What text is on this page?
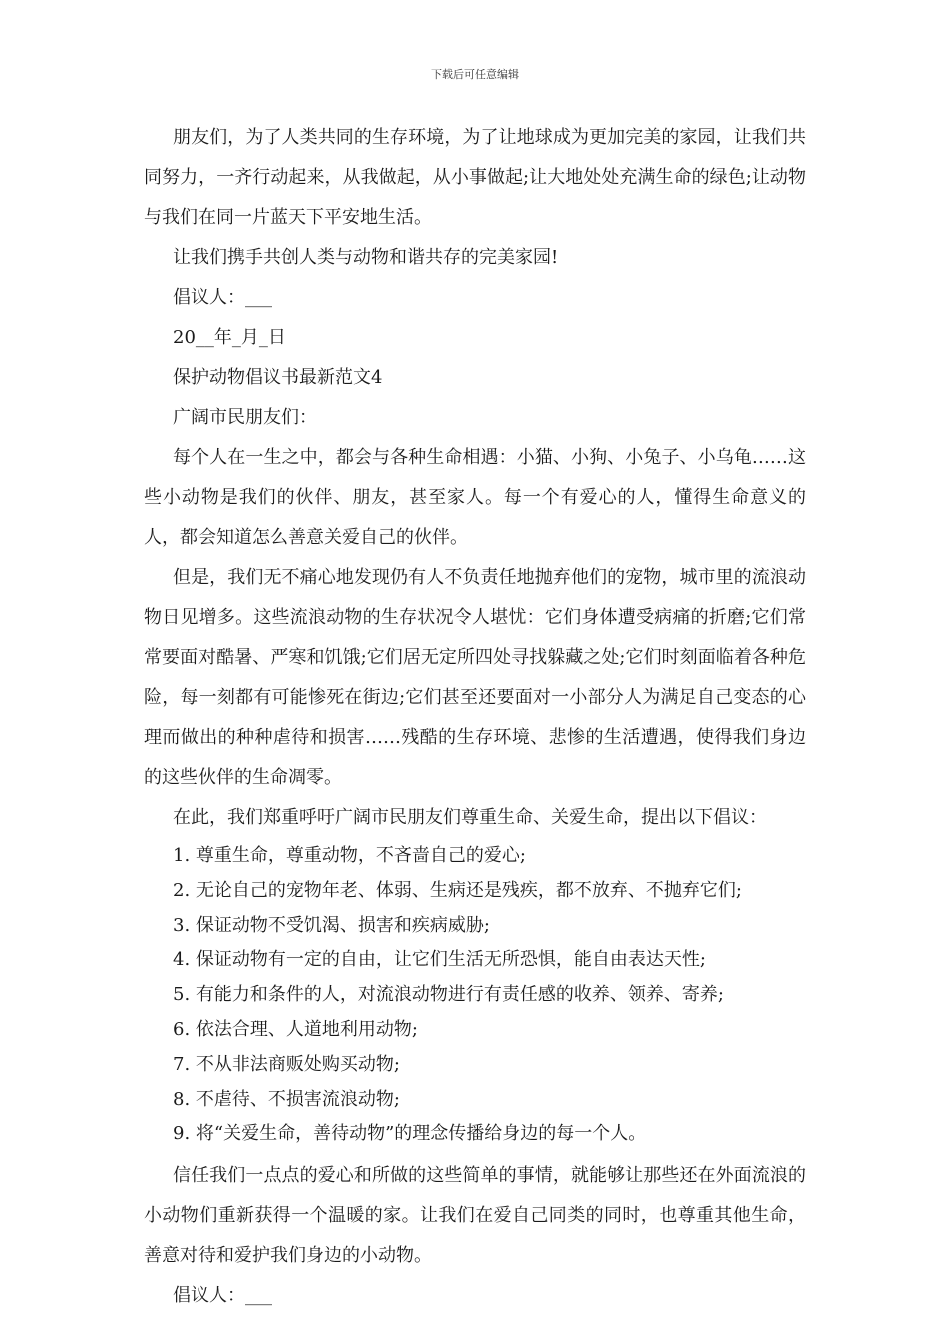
下载后可任意编辑

朋友们，为了人类共同的生存环境，为了让地球成为更加完美的家园，让我们共同努力，一齐行动起来，从我做起，从小事做起;让大地处处充满生命的绿色;让动物与我们在同一片蓝天下平安地生活。

让我们携手共创人类与动物和谐共存的完美家园!

倡议人：___

20__年_月_日

保护动物倡议书最新范文4

广阔市民朋友们：

每个人在一生之中，都会与各种生命相遇：小猫、小狗、小兔子、小乌龟……这些小动物是我们的伙伴、朋友，甚至家人。每一个有爱心的人，懂得生命意义的人，都会知道怎么善意关爱自己的伙伴。

但是，我们无不痛心地发现仍有人不负责任地抛弃他们的宠物，城市里的流浪动物日见增多。这些流浪动物的生存状况令人堪忧：它们身体遭受病痛的折磨;它们常常要面对酷暑、严寒和饥饿;它们居无定所四处寻找躲藏之处;它们时刻面临着各种危险，每一刻都有可能惨死在街边;它们甚至还要面对一小部分人为满足自己变态的心理而做出的种种虐待和损害……残酷的生存环境、悲惨的生活遭遇，使得我们身边的这些伙伴的生命凋零。

在此，我们郑重呼吁广阔市民朋友们尊重生命、关爱生命，提出以下倡议：

1. 尊重生命，尊重动物，不吝啬自己的爱心;

2. 无论自己的宠物年老、体弱、生病还是残疾，都不放弃、不抛弃它们;

3. 保证动物不受饥渴、损害和疾病威胁;

4. 保证动物有一定的自由，让它们生活无所恐惧，能自由表达天性;

5. 有能力和条件的人，对流浪动物进行有责任感的收养、领养、寄养;

6. 依法合理、人道地利用动物;

7. 不从非法商贩处购买动物;

8. 不虐待、不损害流浪动物;

9. 将“关爱生命，善待动物”的理念传播给身边的每一个人。

信任我们一点点的爱心和所做的这些简单的事情，就能够让那些还在外面流浪的小动物们重新获得一个温暖的家。让我们在爱自己同类的同时，也尊重其他生命，善意对待和爱护我们身边的小动物。

倡议人：___
